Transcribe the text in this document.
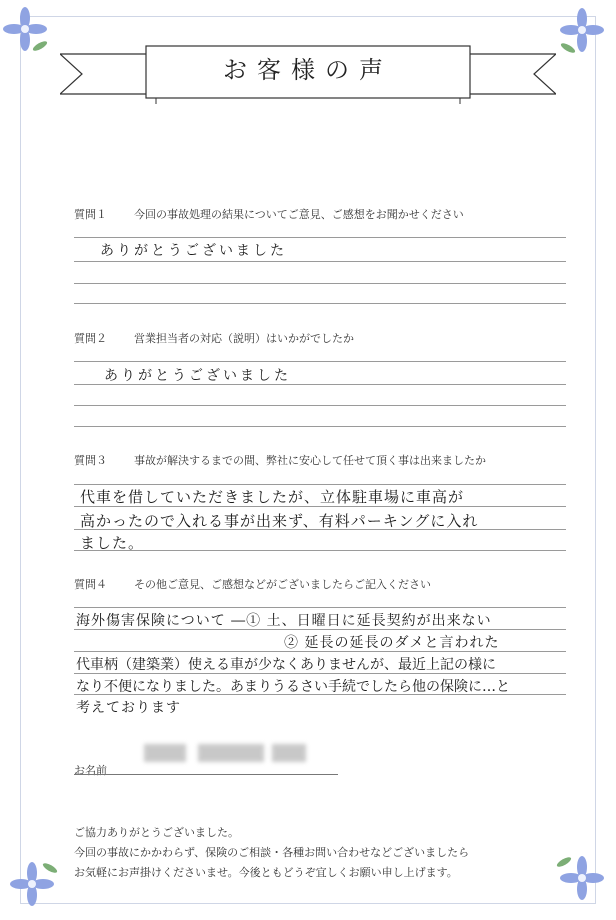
お客様の声
質問１ 今回の事故処理の結果についてご意見、ご感想をお聞かせください
ありがとうございました
質問２ 営業担当者の対応（説明）はいかがでしたか
ありがとうございました
質問３ 事故が解決するまでの間、弊社に安心して任せて頂く事は出来ましたか
代車を借していただきましたが、立体駐車場に車高が
高かったので入れる事が出来ず、有料パーキングに入れ
ました。
質問４ その他ご意見、ご感想などがございましたらご記入ください
海外傷害保険について ―① 土、日曜日に延長契約が出来ない
② 延長の延長のダメと言われた
代車柄（建築業）使える車が少なくありませんが、最近上記の様に
なり不便になりました。あまりうるさい手続でしたら他の保険に…と
考えております
お名前
ご協力ありがとうございました。
今回の事故にかかわらず、保険のご相談・各種お問い合わせなどございましたら
お気軽にお声掛けくださいませ。今後ともどうぞ宜しくお願い申し上げます。
